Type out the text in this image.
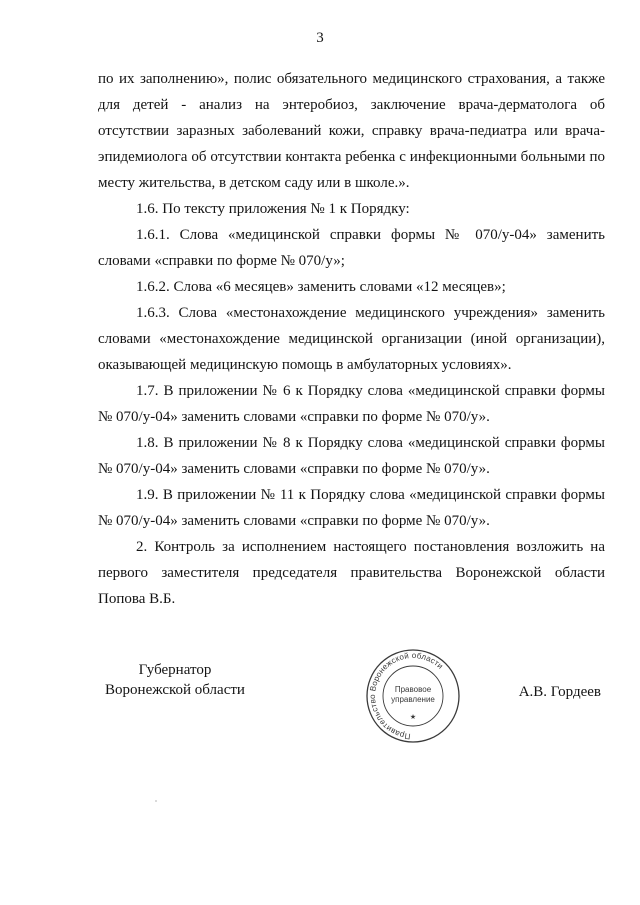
3

по их заполнению», полис обязательного медицинского страхования, а также для детей - анализ на энтеробиоз, заключение врача-дерматолога об отсутствии заразных заболеваний кожи, справку врача-педиатра или врача-эпидемиолога об отсутствии контакта ребенка с инфекционными больными по месту жительства, в детском саду или в школе.».

1.6. По тексту приложения № 1 к Порядку:

1.6.1. Слова «медицинской справки формы № 070/у-04» заменить словами «справки по форме № 070/у»;

1.6.2. Слова «6 месяцев» заменить словами «12 месяцев»;

1.6.3. Слова «местонахождение медицинского учреждения» заменить словами «местонахождение медицинской организации (иной организации), оказывающей медицинскую помощь в амбулаторных условиях».

1.7. В приложении № 6 к Порядку слова «медицинской справки формы № 070/у-04» заменить словами «справки по форме № 070/у».

1.8. В приложении № 8 к Порядку слова «медицинской справки формы № 070/у-04» заменить словами «справки по форме № 070/у».

1.9. В приложении № 11 к Порядку слова «медицинской справки формы № 070/у-04» заменить словами «справки по форме № 070/у».

2. Контроль за исполнением настоящего постановления возложить на первого заместителя председателя правительства Воронежской области Попова В.Б.

Губернатор
Воронежской области
Правительство Воронежской области
Правовое
управление
★
А.В. Гордеев
